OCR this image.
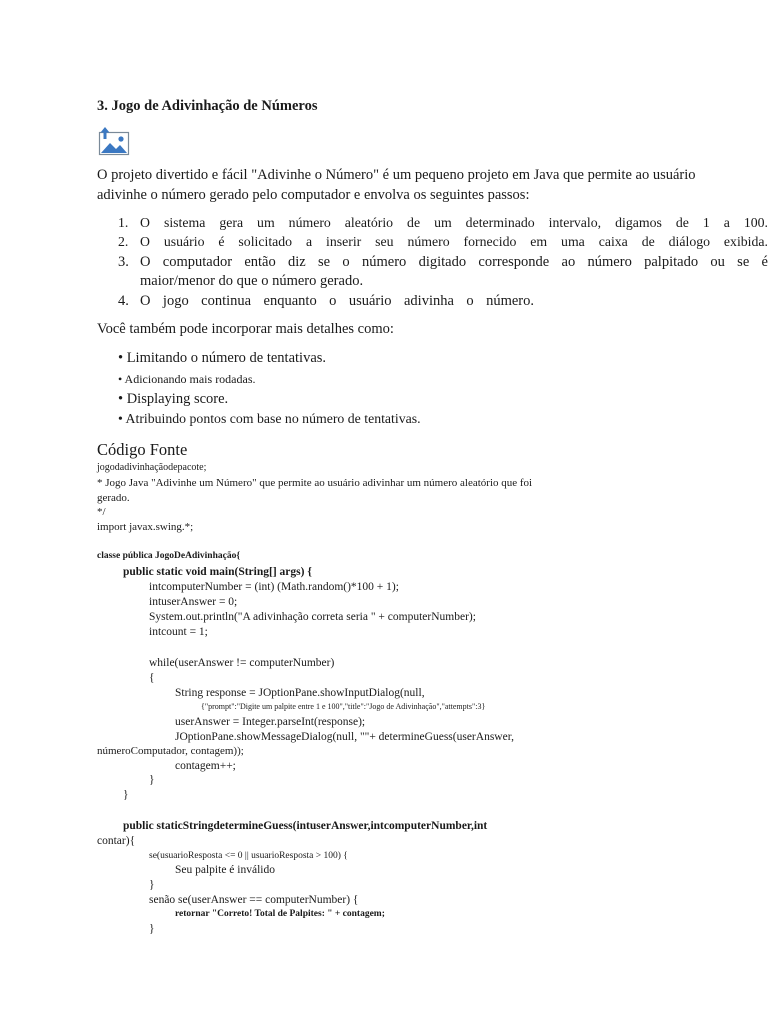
3. Jogo de Adivinhação de Números
O projeto divertido e fácil "Adivinhe o Número" é um pequeno projeto em Java que permite ao usuário
adivinhe o número gerado pelo computador e envolva os seguintes passos:
1. O sistema gera um número aleatório de um determinado intervalo, digamos de 1 a 100.
2. O usuário é solicitado a inserir seu número fornecido em uma caixa de diálogo exibida.
3. O computador então diz se o número digitado corresponde ao número palpitado ou se é
maior/menor do que o número gerado.
4. O jogo continua enquanto o usuário adivinha o número.
Você também pode incorporar mais detalhes como:
• Limitando o número de tentativas.
• Adicionando mais rodadas.
• Displaying score.
• Atribuindo pontos com base no número de tentativas.
Código Fonte
jogodadivinhaçãodepacote;
* Jogo Java "Adivinhe um Número" que permite ao usuário adivinhar um número aleatório que foi
gerado.
*/
import javax.swing.*;
classe pública JogoDeAdivinhação{
public static void main(String[] args) {
intcomputerNumber = (int) (Math.random()*100 + 1);
intuserAnswer = 0;
System.out.println("A adivinhação correta seria " + computerNumber);
intcount = 1;
while(userAnswer != computerNumber)
{
String response = JOptionPane.showInputDialog(null,
{"prompt":"Digite um palpite entre 1 e 100","title":"Jogo de Adivinhação","attempts":3}
userAnswer = Integer.parseInt(response);
JOptionPane.showMessageDialog(null, ""+ determineGuess(userAnswer,
númeroComputador, contagem));
contagem++;
}
}
public staticStringdetermineGuess(intuserAnswer,intcomputerNumber,int
contar){
se(usuarioResposta <= 0 || usuarioResposta > 100) {
Seu palpite é inválido
}
senão se(userAnswer == computerNumber) {
retornar "Correto! Total de Palpites: " + contagem;
}
